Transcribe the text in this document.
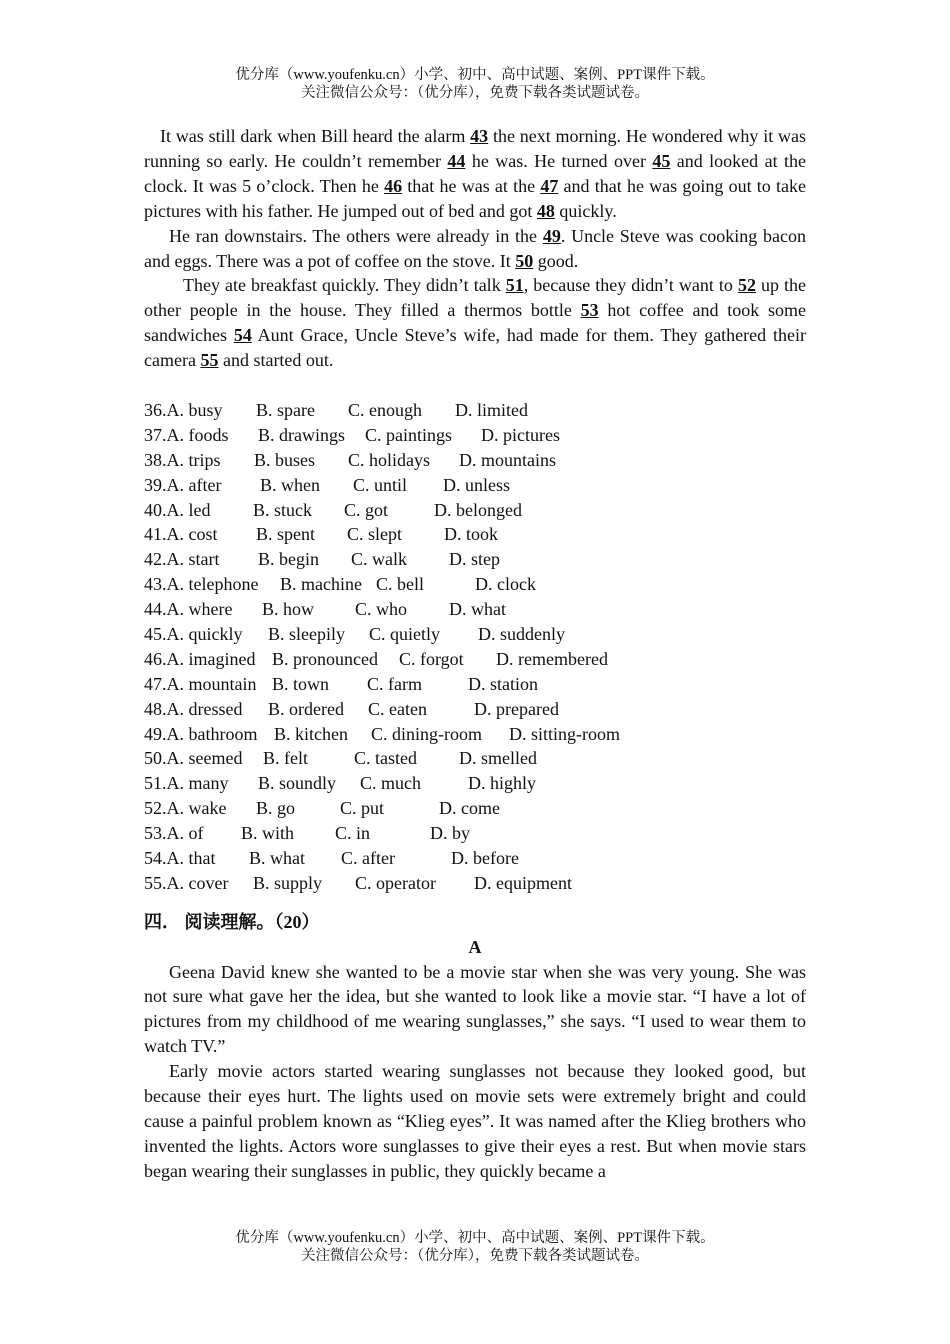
优分库（www.youfenku.cn）小学、初中、高中试题、案例、PPT课件下载。
关注微信公众号：（优分库），免费下载各类试题试卷。

It was still dark when Bill heard the alarm 43 the next morning. He wondered why it was running so early. He couldn’t remember 44 he was. He turned over 45 and looked at the clock. It was 5 o’clock. Then he 46 that he was at the 47 and that he was going out to take pictures with his father. He jumped out of bed and got 48 quickly.

He ran downstairs. The others were already in the 49. Uncle Steve was cooking bacon and eggs. There was a pot of coffee on the stove. It 50 good.

They ate breakfast quickly. They didn’t talk 51, because they didn’t want to 52 up the other people in the house. They filled a thermos bottle 53 hot coffee and took some sandwiches 54 Aunt Grace, Uncle Steve’s wife, had made for them. They gathered their camera 55 and started out.

36.A. busy B. spare C. enough D. limited
37.A. foods B. drawings C. paintings D. pictures
38.A. trips B. buses C. holidays D. mountains
39.A. after B. when C. until D. unless
40.A. led B. stuck C. got	D. belonged
41.A. cost B. spent C. slept D. took
42.A. start B. begin C. walk D. step
43.A. telephone B. machine C. bell	D. clock
44.A. where B. how C. who D. what
45.A. quickly B. sleepily C. quietly D. suddenly
46.A. imagined B. pronounced C. forgot D. remembered
47.A. mountain B. town C. farm	D. station
48.A. dressed B. ordered C. eaten	D. prepared
49.A. bathroom B. kitchen C. dining-room D. sitting-room
50.A. seemed B. felt	C. tasted D. smelled
51.A. many B. soundly C. much	D. highly
52.A. wake B. go C. put	D. come
53.A. of B. with C. in	D. by
54.A. that B. what C. after	D. before
55.A. cover B. supply C. operator D. equipment

四． 阅读理解。（20）

A

Geena David knew she wanted to be a movie star when she was very young. She was not sure what gave her the idea, but she wanted to look like a movie star. “I have a lot of pictures from my childhood of me wearing sunglasses,” she says. “I used to wear them to watch TV.”

Early movie actors started wearing sunglasses not because they looked good, but because their eyes hurt. The lights used on movie sets were extremely bright and could cause a painful problem known as “Klieg eyes”. It was named after the Klieg brothers who invented the lights. Actors wore sunglasses to give their eyes a rest. But when movie stars began wearing their sunglasses in public, they quickly became a

优分库（www.youfenku.cn）小学、初中、高中试题、案例、PPT课件下载。
关注微信公众号：（优分库），免费下载各类试题试卷。
